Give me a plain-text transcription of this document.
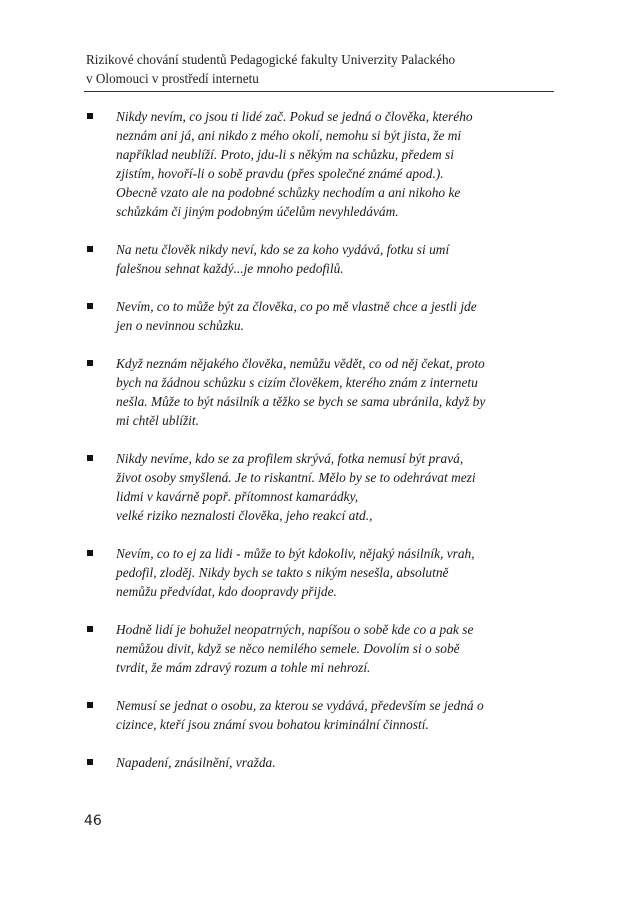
Rizikové chování studentů Pedagogické fakulty Univerzity Palackého
v Olomouci v prostředí internetu
Nikdy nevím, co jsou ti lidé zač. Pokud se jedná o člověka, kterého
neznám ani já, ani nikdo z mého okolí, nemohu si být jista, že mi
například neublíží. Proto, jdu-li s někým na schůzku, předem si
zjistím, hovoří-li o sobě pravdu (přes společné známé apod.).
Obecně vzato ale na podobné schůzky nechodím a ani nikoho ke
schůzkám či jiným podobným účelům nevyhledávám.
Na netu člověk nikdy neví, kdo se za koho vydává, fotku si umí
falešnou sehnat každý...je mnoho pedofilů.
Nevím, co to může být za člověka, co po mě vlastně chce a jestli jde
jen o nevinnou schůzku.
Když neznám nějakého člověka, nemůžu vědět, co od něj čekat, proto
bych na žádnou schůzku s cizím člověkem, kterého znám z internetu
nešla. Může to být násilník a těžko se bych se sama ubránila, když by
mi chtěl ublížit.
Nikdy nevíme, kdo se za profilem skrývá, fotka nemusí být pravá,
život osoby smyšlená. Je to riskantní. Mělo by se to odehrávat mezi
lidmi v kavárně popř. přítomnost kamarádky,
velké riziko neznalosti člověka, jeho reakcí atd.,
Nevím, co to ej za lidi - může to být kdokoliv, nějaký násilník, vrah,
pedofil, zloděj. Nikdy bych se takto s nikým nesešla, absolutně
nemůžu předvídat, kdo doopravdy přijde.
Hodně lidí je bohužel neopatrných, napíšou o sobě kde co a pak se
nemůžou divit, když se něco nemilého semele. Dovolím si o sobě
tvrdit, že mám zdravý rozum a tohle mi nehrozí.
Nemusí se jednat o osobu, za kterou se vydává, především se jedná o
cizince, kteří jsou známí svou bohatou kriminální činností.
Napadení, znásilnění, vražda.
46
